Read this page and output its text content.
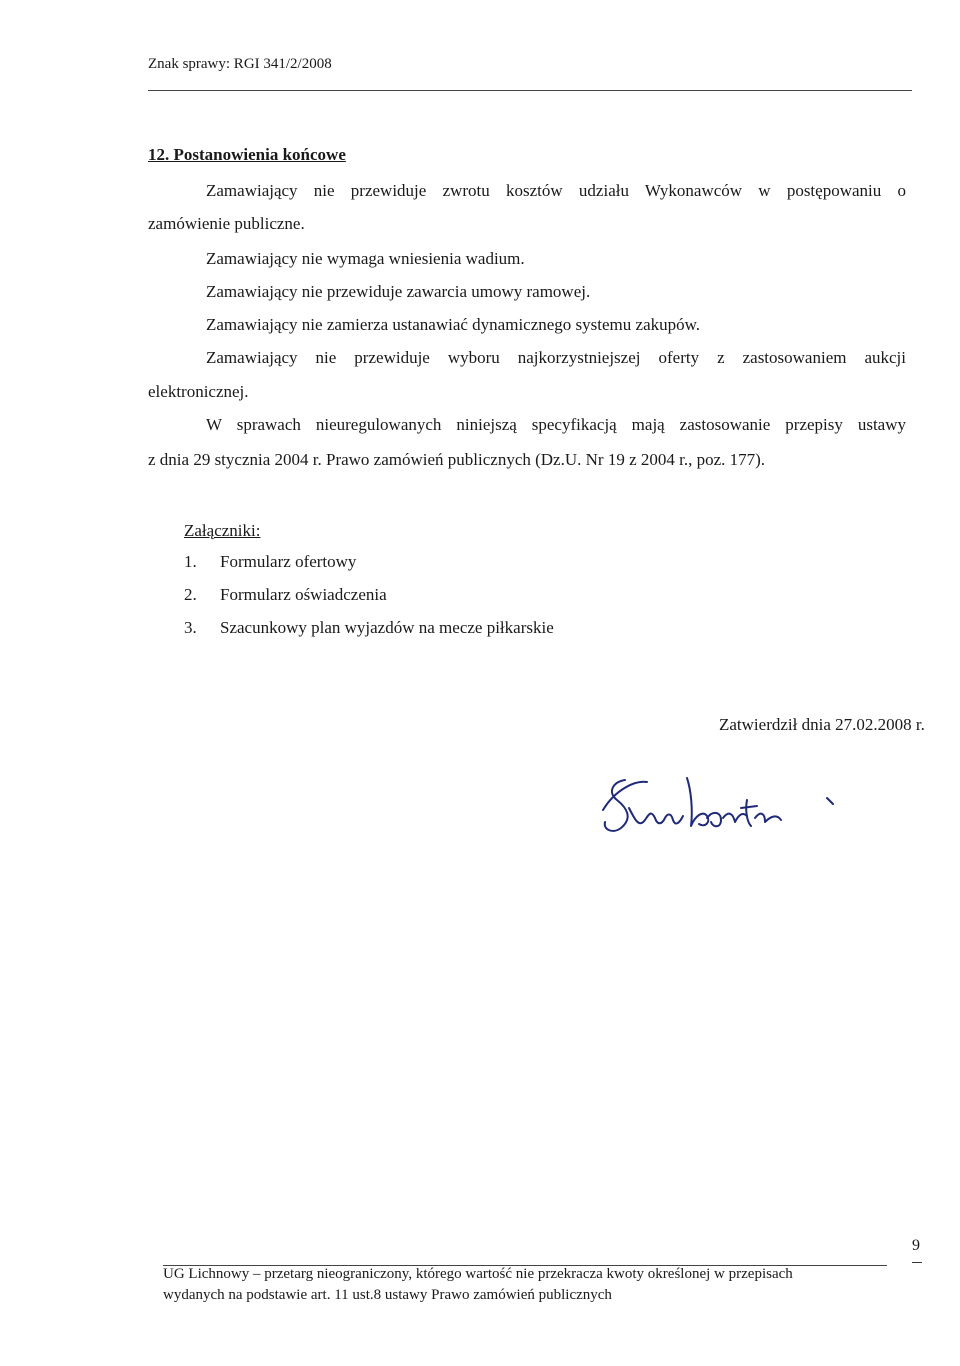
Znak sprawy: RGI 341/2/2008
12. Postanowienia końcowe
Zamawiający nie przewiduje zwrotu kosztów udziału Wykonawców w postępowaniu o
zamówienie publiczne.
Zamawiający nie wymaga wniesienia wadium.
Zamawiający nie przewiduje zawarcia umowy ramowej.
Zamawiający nie zamierza ustanawiać dynamicznego systemu zakupów.
Zamawiający nie przewiduje wyboru najkorzystniejszej oferty z zastosowaniem aukcji
elektronicznej.
W sprawach nieuregulowanych niniejszą specyfikacją mają zastosowanie przepisy ustawy
z dnia 29 stycznia 2004 r. Prawo zamówień publicznych (Dz.U. Nr 19 z 2004 r., poz. 177).
Załączniki:
1. Formularz ofertowy
2. Formularz oświadczenia
3. Szacunkowy plan wyjazdów na mecze piłkarskie
Zatwierdził dnia 27.02.2008 r.
UG Lichnowy – przetarg nieograniczony, którego wartość nie przekracza kwoty określonej w przepisach
wydanych na podstawie art. 11 ust.8 ustawy Prawo zamówień publicznych
9
